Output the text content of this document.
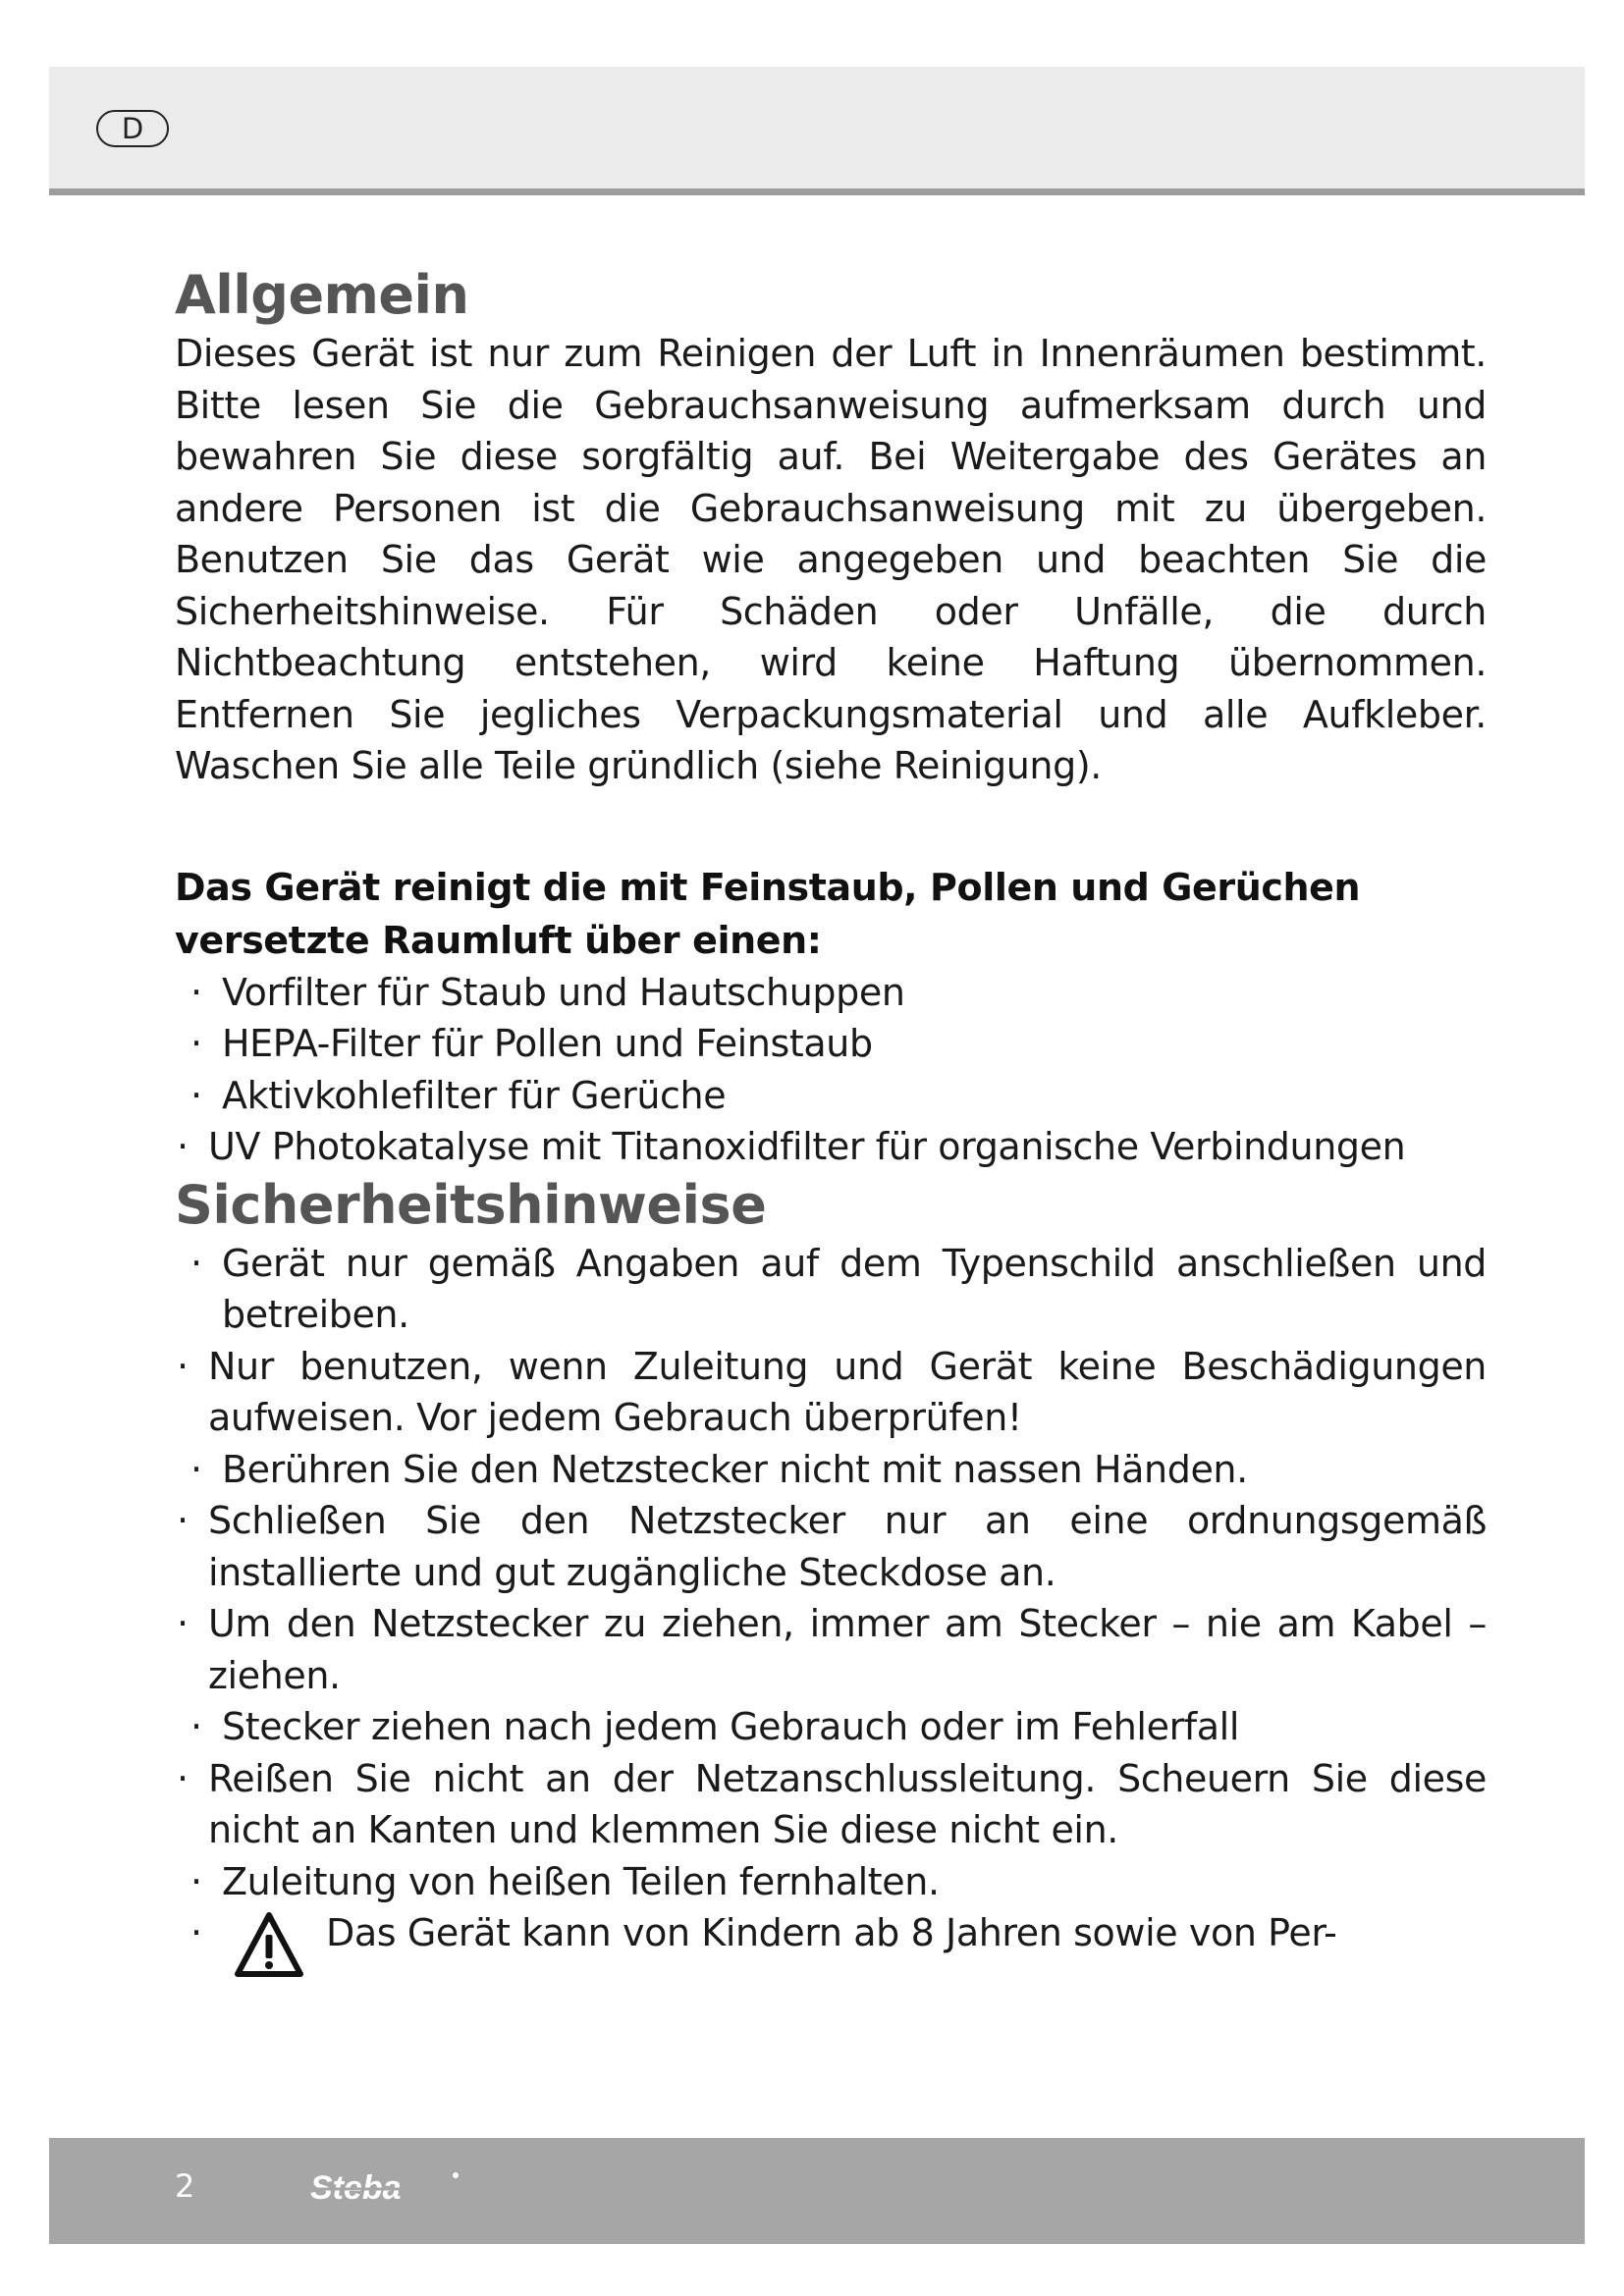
D
Allgemein

Dieses Gerät ist nur zum Reinigen der Luft in Innenräumen bestimmt. Bitte lesen Sie die Gebrauchsanweisung aufmerksam durch und bewahren Sie diese sorgfältig auf. Bei Weitergabe des Gerätes an andere Personen ist die Gebrauchsanweisung mit zu übergeben. Benutzen Sie das Gerät wie angegeben und beachten Sie die Sicherheitshinweise. Für Schäden oder Unfälle, die durch Nichtbeachtung entstehen, wird keine Haftung übernommen. Entfernen Sie jegliches Verpackungsmaterial und alle Aufkleber. Waschen Sie alle Teile gründlich (siehe Reinigung).

Das Gerät reinigt die mit Feinstaub, Pollen und Gerüchen versetzte Raumluft über einen:

· Vorfilter für Staub und Hautschuppen
· HEPA-Filter für Pollen und Feinstaub
· Aktivkohlefilter für Gerüche
· UV Photokatalyse mit Titanoxidfilter für organische Verbindungen
Sicherheitshinweise
· Gerät nur gemäß Angaben auf dem Typenschild anschließen und betreiben.
· Nur benutzen, wenn Zuleitung und Gerät keine Beschädigungen aufweisen. Vor jedem Gebrauch überprüfen!
· Berühren Sie den Netzstecker nicht mit nassen Händen.
· Schließen Sie den Netzstecker nur an eine ordnungsgemäß installierte und gut zugängliche Steckdose an.
· Um den Netzstecker zu ziehen, immer am Stecker – nie am Kabel – ziehen.
· Stecker ziehen nach jedem Gebrauch oder im Fehlerfall
· Reißen Sie nicht an der Netzanschlussleitung. Scheuern Sie diese nicht an Kanten und klemmen Sie diese nicht ein.
· Zuleitung von heißen Teilen fernhalten.
· Das Gerät kann von Kindern ab 8 Jahren sowie von Per-
2	Steba
